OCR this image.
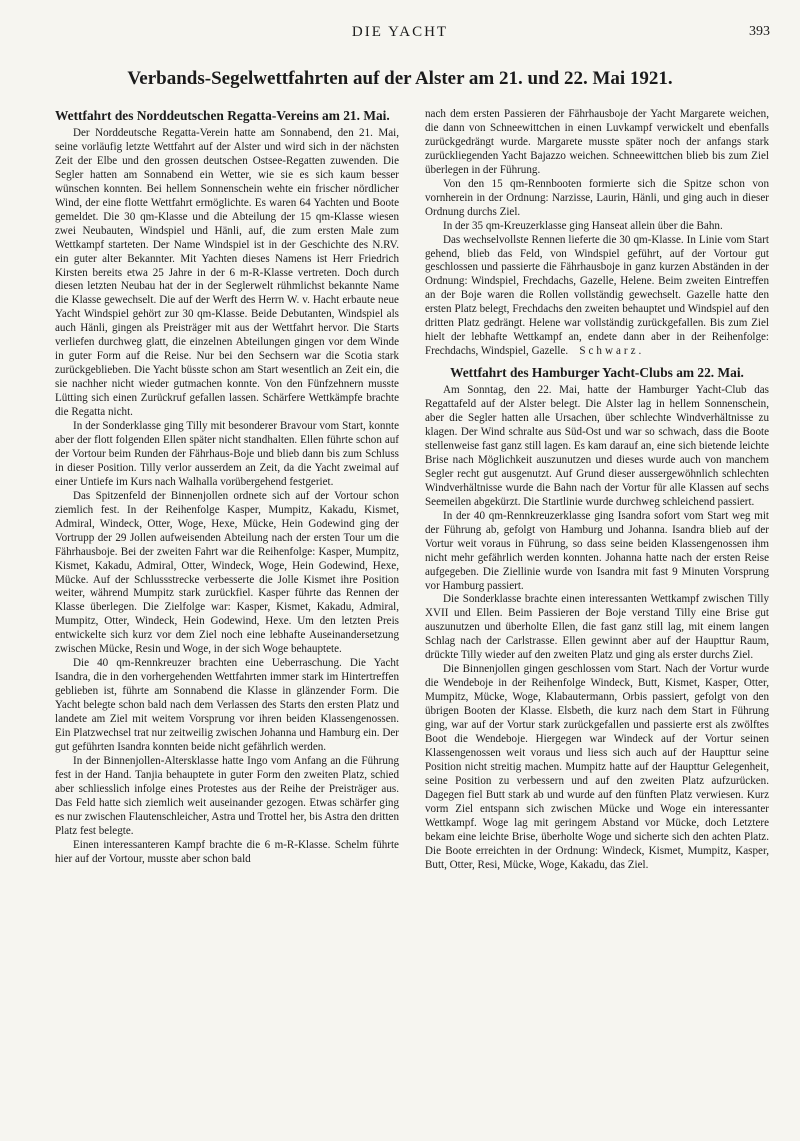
DIE YACHT	393
Verbands-Segelwettfahrten auf der Alster am 21. und 22. Mai 1921.
Wettfahrt des Norddeutschen Regatta-Vereins am 21. Mai.

Der Norddeutsche Regatta-Verein hatte am Sonnabend, den 21. Mai, seine vorläufig letzte Wettfahrt auf der Alster und wird sich in der nächsten Zeit der Elbe und den grossen deutschen Ostsee-Regatten zuwenden. Die Segler hatten am Sonnabend ein Wetter, wie sie es sich kaum besser wünschen konnten. Bei hellem Sonnenschein wehte ein frischer nördlicher Wind, der eine flotte Wettfahrt ermöglichte. Es waren 64 Yachten und Boote gemeldet. Die 30 qm-Klasse und die Abteilung der 15 qm-Klasse wiesen zwei Neubauten, Windspiel und Hänli, auf, die zum ersten Male zum Wettkampf starteten. Der Name Windspiel ist in der Geschichte des N.RV. ein guter alter Bekannter. Mit Yachten dieses Namens ist Herr Friedrich Kirsten bereits etwa 25 Jahre in der 6 m-R-Klasse vertreten. Doch durch diesen letzten Neubau hat der in der Seglerwelt rühmlichst bekannte Name die Klasse gewechselt. Die auf der Werft des Herrn W. v. Hacht erbaute neue Yacht Windspiel gehört zur 30 qm-Klasse. Beide Debutanten, Windspiel als auch Hänli, gingen als Preisträger mit aus der Wettfahrt hervor. Die Starts verliefen durchweg glatt, die einzelnen Abteilungen gingen vor dem Winde in guter Form auf die Reise. Nur bei den Sechsern war die Scotia stark zurückgeblieben. Die Yacht büsste schon am Start wesentlich an Zeit ein, die sie nachher nicht wieder gutmachen konnte. Von den Fünfzehnern musste Lütting sich einen Zurückruf gefallen lassen. Schärfere Wettkämpfe brachte die Regatta nicht.

In der Sonderklasse ging Tilly mit besonderer Bravour vom Start, konnte aber der flott folgenden Ellen später nicht standhalten. Ellen führte schon auf der Vortour beim Runden der Fährhaus-Boje und blieb dann bis zum Schluss in dieser Position. Tilly verlor ausserdem an Zeit, da die Yacht zweimal auf einer Untiefe im Kurs nach Walhalla vorübergehend festgeriet.

Das Spitzenfeld der Binnenjollen ordnete sich auf der Vortour schon ziemlich fest. In der Reihenfolge Kasper, Mumpitz, Kakadu, Kismet, Admiral, Windeck, Otter, Woge, Hexe, Mücke, Hein Godewind ging der Vortrupp der 29 Jollen aufweisenden Abteilung nach der ersten Tour um die Fährhausboje. Bei der zweiten Fahrt war die Reihenfolge: Kasper, Mumpitz, Kismet, Kakadu, Admiral, Otter, Windeck, Woge, Hein Godewind, Hexe, Mücke. Auf der Schlussstrecke verbesserte die Jolle Kismet ihre Position weiter, während Mumpitz stark zurückfiel. Kasper führte das Rennen der Klasse überlegen. Die Zielfolge war: Kasper, Kismet, Kakadu, Admiral, Mumpitz, Otter, Windeck, Hein Godewind, Hexe. Um den letzten Preis entwickelte sich kurz vor dem Ziel noch eine lebhafte Auseinandersetzung zwischen Mücke, Resin und Woge, in der sich Woge behauptete.

Die 40 qm-Rennkreuzer brachten eine Ueberraschung. Die Yacht Isandra, die in den vorhergehenden Wettfahrten immer stark im Hintertreffen geblieben ist, führte am Sonnabend die Klasse in glänzender Form. Die Yacht belegte schon bald nach dem Verlassen des Starts den ersten Platz und landete am Ziel mit weitem Vorsprung vor ihren beiden Klassengenossen. Ein Platzwechsel trat nur zeitweilig zwischen Johanna und Hamburg ein. Der gut geführten Isandra konnten beide nicht gefährlich werden.

In der Binnenjollen-Altersklasse hatte Ingo vom Anfang an die Führung fest in der Hand. Tanjia behauptete in guter Form den zweiten Platz, schied aber schliesslich infolge eines Protestes aus der Reihe der Preisträger aus. Das Feld hatte sich ziemlich weit auseinander gezogen. Etwas schärfer ging es nur zwischen Flautenschleicher, Astra und Trottel her, bis Astra den dritten Platz fest belegte.

Einen interessanteren Kampf brachte die 6 m-R-Klasse. Schelm führte hier auf der Vortour, musste aber schon bald

nach dem ersten Passieren der Fährhausboje der Yacht Margarete weichen, die dann von Schneewittchen in einen Luvkampf verwickelt und ebenfalls zurückgedrängt wurde. Margarete musste später noch der anfangs stark zurückliegenden Yacht Bajazzo weichen. Schneewittchen blieb bis zum Ziel überlegen in der Führung.

Von den 15 qm-Rennbooten formierte sich die Spitze schon von vornherein in der Ordnung: Narzisse, Laurin, Hänli, und ging auch in dieser Ordnung durchs Ziel.

In der 35 qm-Kreuzerklasse ging Hanseat allein über die Bahn.

Das wechselvollste Rennen lieferte die 30 qm-Klasse. In Linie vom Start gehend, blieb das Feld, von Windspiel geführt, auf der Vortour gut geschlossen und passierte die Fährhausboje in ganz kurzen Abständen in der Ordnung: Windspiel, Frechdachs, Gazelle, Helene. Beim zweiten Eintreffen an der Boje waren die Rollen vollständig gewechselt. Gazelle hatte den ersten Platz belegt, Frechdachs den zweiten behauptet und Windspiel auf den dritten Platz gedrängt. Helene war vollständig zurückgefallen. Bis zum Ziel hielt der lebhafte Wettkampf an, endete dann aber in der Reihenfolge: Frechdachs, Windspiel, Gazelle. Schwarz.

Wettfahrt des Hamburger Yacht-Clubs am 22. Mai.

Am Sonntag, den 22. Mai, hatte der Hamburger Yacht-Club das Regattafeld auf der Alster belegt. Die Alster lag in hellem Sonnenschein, aber die Segler hatten alle Ursachen, über schlechte Windverhältnisse zu klagen. Der Wind schralte aus Süd-Ost und war so schwach, dass die Boote stellenweise fast ganz still lagen. Es kam darauf an, eine sich bietende leichte Brise nach Möglichkeit auszunutzen und dieses wurde auch von manchem Segler recht gut ausgenutzt. Auf Grund dieser aussergewöhnlich schlechten Windverhältnisse wurde die Bahn nach der Vortur für alle Klassen auf sechs Seemeilen abgekürzt. Die Startlinie wurde durchweg schleichend passiert.

In der 40 qm-Rennkreuzerklasse ging Isandra sofort vom Start weg mit der Führung ab, gefolgt von Hamburg und Johanna. Isandra blieb auf der Vortur weit voraus in Führung, so dass seine beiden Klassengenossen ihm nicht mehr gefährlich werden konnten. Johanna hatte nach der ersten Reise aufgegeben. Die Ziellinie wurde von Isandra mit fast 9 Minuten Vorsprung vor Hamburg passiert.

Die Sonderklasse brachte einen interessanten Wettkampf zwischen Tilly XVII und Ellen. Beim Passieren der Boje verstand Tilly eine Brise gut auszunutzen und überholte Ellen, die fast ganz still lag, mit einem langen Schlag nach der Carlstrasse. Ellen gewinnt aber auf der Haupttur Raum, drückte Tilly wieder auf den zweiten Platz und ging als erster durchs Ziel.

Die Binnenjollen gingen geschlossen vom Start. Nach der Vortur wurde die Wendeboje in der Reihenfolge Windeck, Butt, Kismet, Kasper, Otter, Mumpitz, Mücke, Woge, Klabautermann, Orbis passiert, gefolgt von den übrigen Booten der Klasse. Elsbeth, die kurz nach dem Start in Führung ging, war auf der Vortur stark zurückgefallen und passierte erst als zwölftes Boot die Wendeboje. Hiergegen war Windeck auf der Vortur seinen Klassengenossen weit voraus und liess sich auch auf der Haupttur seine Position nicht streitig machen. Mumpitz hatte auf der Haupttur Gelegenheit, seine Position zu verbessern und auf den zweiten Platz aufzurücken. Dagegen fiel Butt stark ab und wurde auf den fünften Platz verwiesen. Kurz vorm Ziel entspann sich zwischen Mücke und Woge ein interessanter Wettkampf. Woge lag mit geringem Abstand vor Mücke, doch Letztere bekam eine leichte Brise, überholte Woge und sicherte sich den achten Platz. Die Boote erreichten in der Ordnung: Windeck, Kismet, Mumpitz, Kasper, Butt, Otter, Resi, Mücke, Woge, Kakadu, das Ziel.
